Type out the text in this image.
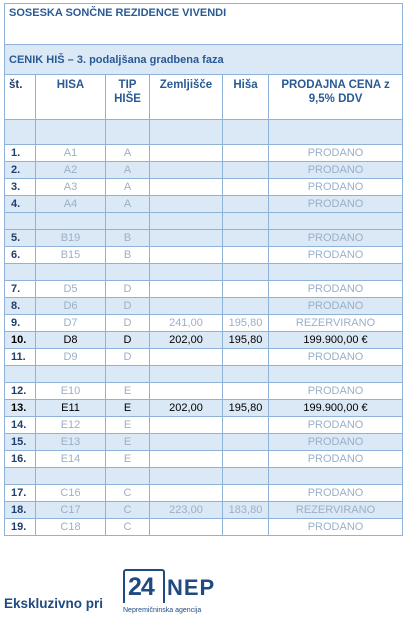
SOSESKA SONČNE REZIDENCE VIVENDI					
CENIK HIŠ – 3. podaljšana gradbena faza					
št.	HISA	TIP HIŠE	Zemljišče	Hiša	PRODAJNA CENA z 9,5% DDV

1.	A1	A			PRODANO
2.	A2	A			PRODANO
3.	A3	A			PRODANO
4.	A4	A			PRODANO

5.	B19	B			PRODANO
6.	B15	B			PRODANO

7.	D5	D			PRODANO
8.	D6	D			PRODANO
9.	D7	D	241,00	195,80	REZERVIRANO
10.	D8	D	202,00	195,80	199.900,00 €
11.	D9	D			PRODANO

12.	E10	E			PRODANO
13.	E11	E	202,00	195,80	199.900,00 €
14.	E12	E			PRODANO
15.	E13	E			PRODANO
16.	E14	E			PRODANO

17.	C16	C			PRODANO
18.	C17	C	223,00	183,80	REZERVIRANO
19.	C18	C			PRODANO
Ekskluzivno pri
24 NEP
Nepremičninska agencija
